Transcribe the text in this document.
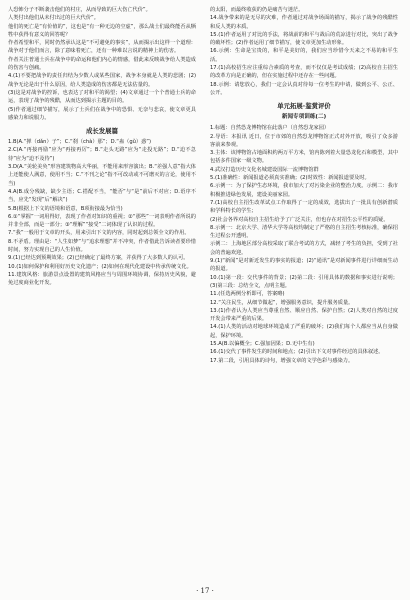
人恐怖分子不断袭击他们的村庄，从而导致的巨大伤亡代价”。

人类付出他们从未付出过的巨大代价”。

他们的死亡是“有价值的”，这也是“有一种无边的空虚”，那么战士们最终能否从牺牲中获得有意义的回答呢？

作者希望和平，同时仍然承认这是“不可避免的事实”，从而揭示出这样一个道理：战争对于他们而言，除了意味着死亡，还有一种难以言说的精神上的伤害。

作者关注普通士兵在战争中的命运和他们内心的情感，借此来反映战争给人类造成的伤害与创痛。

4.(1)不要把战争的责任归结为少数人或某些国家，战争本身就是人类的悲剧；(2)战争无论是出于什么原因，给人类造成的伤害都是无法估量的。

(3)这是对战争的控诉，也表达了对和平的渴望；(4)文章通过一个个普通士兵的命运，表现了战争的残酷，从而达到揭示主题的目的。

(5)作者通过细节描写，展示了士兵们在战争中的恐惧、无奈与悲哀，使文章更具感染力和说服力。

成长发展篇

1.B(A.“掸（dǎn）子”；C.“刹（chà）那”；D.“蛊（gǔ）惑”)

2.C(A.“再接再励”应为“再接再厉”；B.“走头无路”应为“走投无路”；D.“迫不急待”应为“迫不及待”)

3.D(A.“美轮美奂”形容建筑物高大华丽，不能用来形容演出；B.“差强人意”指大体上还能使人满意，使用不当；C.“不刊之论”指不可改动或不可磨灭的言论，使用不当)

4.A(B.成分残缺，缺少主语；C.搭配不当，“能否”与“是”前后不对应；D.语序不当，应先“发现”后“解决”)

5.B(根据上下文的语境和语意，B项衔接最为恰当)

6.①“掌握”一词用得好，表现了作者对知识的重视；②“那些”一词表明作者所说的并非全部，而是一部分；③“理解”“接受”二词体现了认识的过程。

7.“我”一般用于文章的开头，用来引出下文的内容，同时起到总领全文的作用。

8.不矛盾。理由是：“人生如梦”与“追求理想”并不冲突，作者借此告诉读者要珍惜时间，努力实现自己的人生价值。

9.(1)已经达到预期效果；(2)已经确定了最终方案，并获得了大多数人的认可。

10.(1)如何保护和利用好历史文化遗产；(2)如何在现代化建设中传承传统文化。

11.建筑风格：旅游景点设置的建筑风格应当与周围环境协调，保持历史风貌，避免过度商业化开发。

的太阳，而最终收获的仍是痛苦与迷茫。

14.战争带来的是无尽的灾难，作者通过对战争场面的描写，揭示了战争的残酷性和反人类的本质。

15.(1)作者运用了对比的手法，将战前的和平与战后的荒凉进行对比，突出了战争的破坏性；(2)作者运用了细节描写，使文章更加生动形象。

16.示例：生命是宝贵的，和平是美好的，我们应当珍惜今天来之不易的和平生活。

17.(1)高校招生应注重综合素质的考查，而不仅仅是考试成绩；(2)高校自主招生的改革方向是正确的，但在实施过程中还存在一些问题。

18.示例：请您放心，我们一定会认真对待每一位考生的申请，做到公平、公正、公开。

单元拓展·鉴赏评价
新闻专项训练(二)

1.标题：自然恐龙博物馆在此落户（自然恐龙家园）

2.导语：本报讯 近日，位于市郊的自然恐龙博物馆正式对外开放，吸引了众多游客前来参观。

3.主体：该博物馆占地面积约两万平方米，馆内陈列着大量恐龙化石和模型，其中包括多件国家一级文物。

4.武汉打造历史文化名城建设国际一流博物馆群

5.(1)准确性：新闻报道必须真实准确；(2)时效性：新闻报道要及时。

6.示例一：为了保护生态环境，我市加大了对污染企业的整治力度。示例二：我市积极推进绿色发展，建设美丽家园。

7.(1)高校自主招生改革试点工作取得了一定的成效，选拔出了一批具有创新潜质和学科特长的学生；

(2)社会各界对高校自主招生给予了广泛关注，但也存在对招生公平性的质疑。

8.示例一：北京大学、清华大学等高校均制定了严格的自主招生考核标准，确保招生过程公开透明。

示例二：上海地区部分高校采取了联合考试的方式，减轻了考生的负担，受到了社会的普遍欢迎。

9.(1)“新闻”是对新近发生的事实的报道；(2)“通讯”是对新闻事件进行详细而生动的报道。

10.(1)第一段：交代事件的背景；(2)第二段：引用具体的数据和事实进行说明；(3)第三段：总结全文，点明主题。

11.(任选两例分析即可，答案略)

12.“关注民生，从细节做起”，增强服务意识，提升服务质量。

13.(1)作者认为人类应当尊重自然、顺应自然、保护自然；(2)人类对自然的过度开发会带来严重的后果。

14.(1)人类的活动对地球环境造成了严重的破坏；(2)我们每个人都应当从自身做起，保护环境。

15.A(B.以偏概全；C.强加因果；D.无中生有)

16.(1)交代了事件发生的时间和地点；(2)引出下文对事件经过的具体叙述。

17.第二段，引用具体的诗句，增强文章的文学色彩与感染力。

· 17 ·
